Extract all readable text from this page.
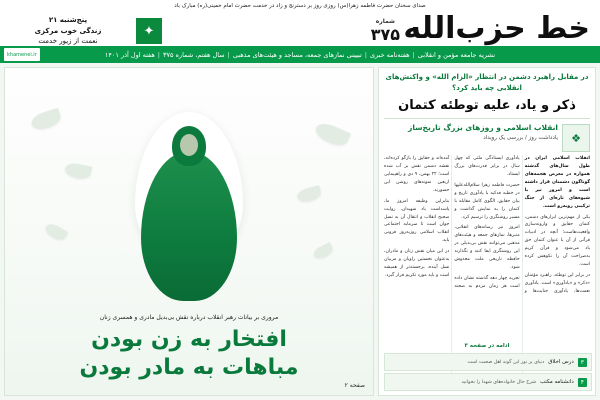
صدای سخنان حضرت فاطمه زهرا(س) روزی روز بر دسترنج و زاد در خدمت حضرت امام خمینی(ره) مبارک باد
خط حزب‌الله
شماره
۳۷۵
✦
پنج‌شنبه ۲۱
زندگی خوب مرکزی
نعمت از زیور خدمت
نشریه جامعه مؤمن و انقلابی
|
هفته‌نامه خبری
|
تبیینی نمازهای جمعه، مساجد و هیئت‌های مذهبی
|
سال هفتم، شماره ۳۷۵
|
هفته اول آذر ۱۴۰۱
khamenei.ir
در مقابل راهبرد دشمن در انتظار «الزام الله» و واکنش‌های انقلابی چه باید کرد؟
ذکر و یاد، علیه توطئه کتمان
❖
انقلاب اسلامی و روزهای بزرگ تاریخ‌ساز
یادداشت روز / بررسی یک رویداد

انقلاب اسلامی ایران در طول سال‌های گذشته همواره در معرض هجمه‌های گوناگون دشمنان قرار داشته است و امروز نیز با شیوه‌های تازه‌ای از جنگ ترکیبی روبه‌رو است.

یکی از مهم‌ترین ابزارهای دشمن، کتمان حقایق و وارونه‌سازی واقعیت‌هاست؛ آنچه در ادبیات قرآنی از آن با عنوان کتمان حق یاد می‌شود و قرآن کریم به‌صراحت آن را نکوهش کرده است.

در برابر این توطئه، راهبرد مؤمنان «ذکر» و «یادآوری» است. یادآوری نعمت‌ها، یادآوری جنایت‌ها و یادآوری ایستادگی ملتی که چهل سال در برابر قدرت‌های بزرگ ایستاد.

حضرت فاطمه زهرا سلام‌الله‌علیها در خطبه فدکیه با یادآوری تاریخ و بیان حقایق، الگوی کامل مقابله با کتمان را به نمایش گذاشت و مسیر روشنگری را ترسیم کرد.

امروز نیز رسانه‌های انقلابی، منبرها، نمازهای جمعه و هیئت‌های مذهبی می‌توانند نقش بی‌بدیلی در این روشنگری ایفا کنند و نگذارند حافظه تاریخی ملت مخدوش شود.

تجربه چهار دهه گذشته نشان داده است هر زمان مردم به صحنه آمده‌اند و حقایق را بازگو کرده‌اند، نقشه دشمن نقش بر آب شده است؛ ۲۲ بهمن، ۹ دی و راهپیمایی اربعین نمونه‌های روشن این حضورند.

بنابراین وظیفه امروز ما، پاسداشت یاد شهیدان، روایت صحیح انقلاب و انتقال آن به نسل جوان است تا سرمایه اجتماعی انقلاب اسلامی روزبه‌روز فزونی یابد.

در این میان نقش زنان و مادران، به‌عنوان نخستین راویان و مربیان نسل آینده، برجسته‌تر از همیشه است و باید مورد تکریم قرار گیرد.

ادامه در صفحه ۳
۳
درس اخلاق
دنیای پر نور این گونه اهل صحبت است
۴
دانشنامه مکتب
شرح حال خانواده‌های شهدا را بخوانید
مروری بر بیانات رهبر انقلاب درباره نقش بی‌بدیل مادری و همسری زنان
افتخار به زن بودن
مباهات به مادر بودن
صفحه ۲
